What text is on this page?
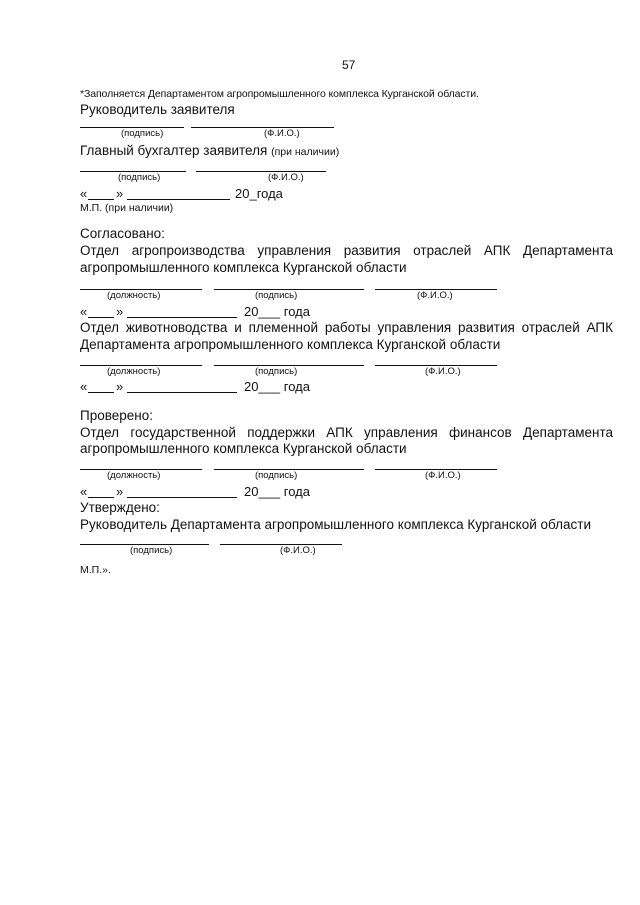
57
*Заполняется Департаментом агропромышленного комплекса Курганской области.
Руководитель заявителя
(подпись)	(Ф.И.О.)
Главный бухгалтер заявителя (при наличии)
(подпись)	(Ф.И.О.)
« »	20_года
М.П. (при наличии)
Согласовано:
Отдел агропроизводства управления развития отраслей АПК Департамента
агропромышленного комплекса Курганской области
(должность)	(подпись)	(Ф.И.О.)
« »	20___ года
Отдел животноводства и племенной работы управления развития отраслей АПК
Департамента агропромышленного комплекса Курганской области
(должность)	(подпись)	(Ф.И.О.)
« »	20___ года
Проверено:
Отдел государственной поддержки АПК управления финансов Департамента
агропромышленного комплекса Курганской области
(должность)	(подпись)	(Ф.И.О.)
« »	20___ года
Утверждено:
Руководитель Департамента агропромышленного комплекса Курганской области
(подпись)	(Ф.И.О.)
М.П.».
